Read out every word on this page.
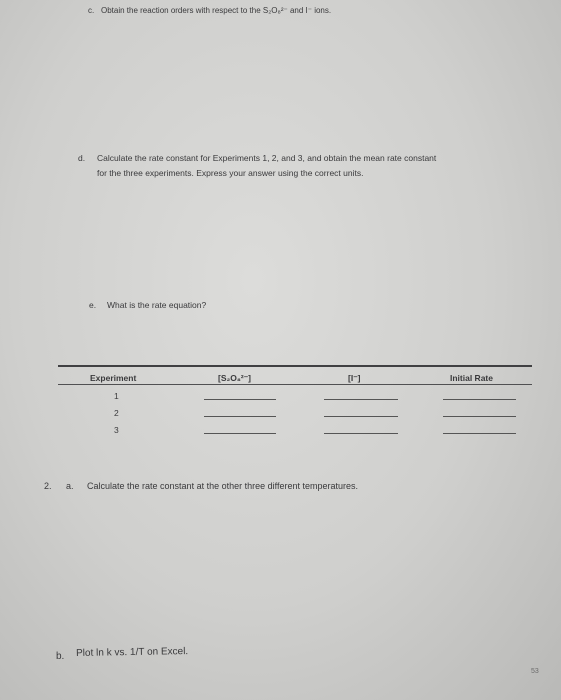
c. Obtain the reaction orders with respect to the S₂O₈²⁻ and I⁻ ions.
d. Calculate the rate constant for Experiments 1, 2, and 3, and obtain the mean rate constant
for the three experiments. Express your answer using the correct units.
e. What is the rate equation?
Experiment	[S₂O₈²⁻]	[I⁻]	Initial Rate
1
2
3
2. a. Calculate the rate constant at the other three different temperatures.
b. Plot ln k vs. 1/T on Excel.
53
